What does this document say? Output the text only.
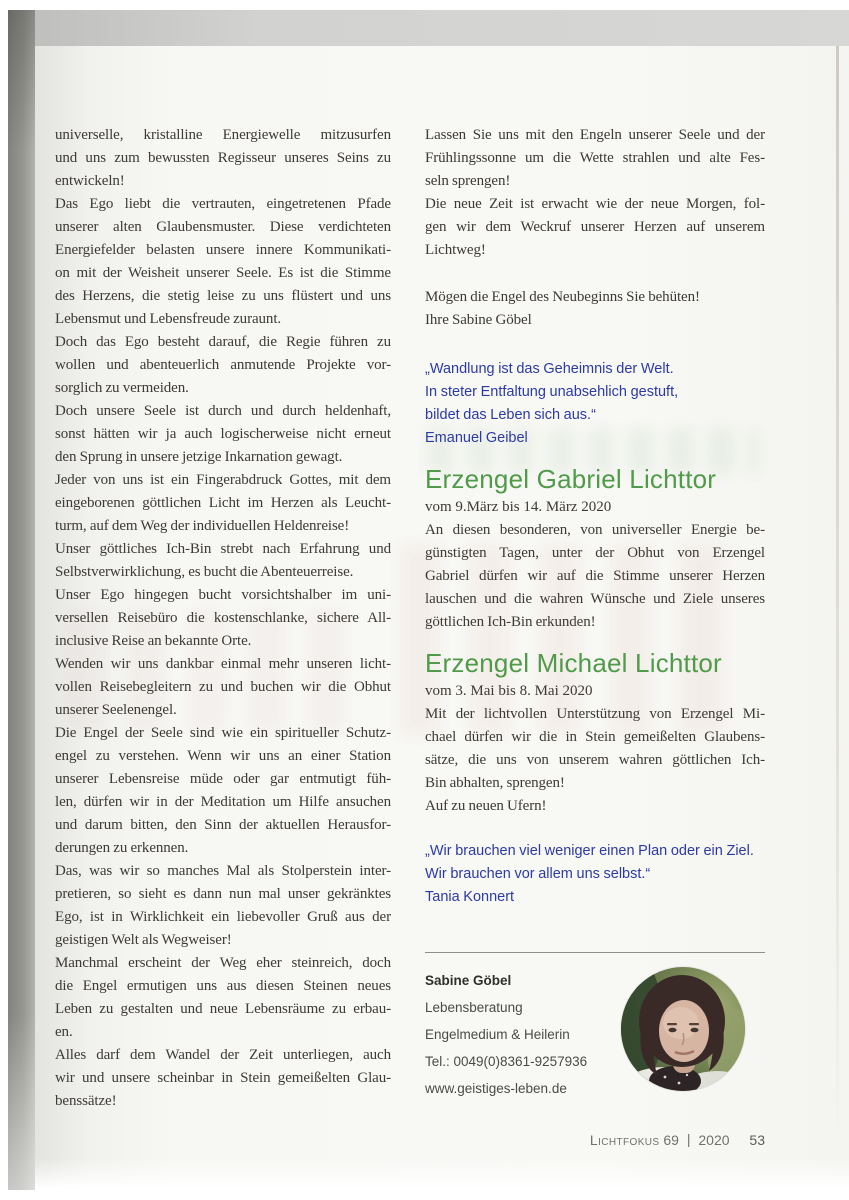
universelle, kristalline Energiewelle mitzusurfen
und uns zum bewussten Regisseur unseres Seins zu
entwickeln!
Das Ego liebt die vertrauten, eingetretenen Pfade
unserer alten Glaubensmuster. Diese verdichteten
Energiefelder belasten unsere innere Kommunikati-
on mit der Weisheit unserer Seele. Es ist die Stimme
des Herzens, die stetig leise zu uns flüstert und uns
Lebensmut und Lebensfreude zuraunt.
Doch das Ego besteht darauf, die Regie führen zu
wollen und abenteuerlich anmutende Projekte vor-
sorglich zu vermeiden.
Doch unsere Seele ist durch und durch heldenhaft,
sonst hätten wir ja auch logischerweise nicht erneut
den Sprung in unsere jetzige Inkarnation gewagt.
Jeder von uns ist ein Fingerabdruck Gottes, mit dem
eingeborenen göttlichen Licht im Herzen als Leucht-
turm, auf dem Weg der individuellen Heldenreise!
Unser göttliches Ich-Bin strebt nach Erfahrung und
Selbstverwirklichung, es bucht die Abenteuerreise.
Unser Ego hingegen bucht vorsichtshalber im uni-
versellen Reisebüro die kostenschlanke, sichere All-
inclusive Reise an bekannte Orte.
Wenden wir uns dankbar einmal mehr unseren licht-
vollen Reisebegleitern zu und buchen wir die Obhut
unserer Seelenengel.
Die Engel der Seele sind wie ein spiritueller Schutz-
engel zu verstehen. Wenn wir uns an einer Station
unserer Lebensreise müde oder gar entmutigt füh-
len, dürfen wir in der Meditation um Hilfe ansuchen
und darum bitten, den Sinn der aktuellen Herausfor-
derungen zu erkennen.
Das, was wir so manches Mal als Stolperstein inter-
pretieren, so sieht es dann nun mal unser gekränktes
Ego, ist in Wirklichkeit ein liebevoller Gruß aus der
geistigen Welt als Wegweiser!
Manchmal erscheint der Weg eher steinreich, doch
die Engel ermutigen uns aus diesen Steinen neues
Leben zu gestalten und neue Lebensräume zu erbau-
en.
Alles darf dem Wandel der Zeit unterliegen, auch
wir und unsere scheinbar in Stein gemeißelten Glau-
benssätze!
Lassen Sie uns mit den Engeln unserer Seele und der
Frühlingssonne um die Wette strahlen und alte Fes-
seln sprengen!
Die neue Zeit ist erwacht wie der neue Morgen, fol-
gen wir dem Weckruf unserer Herzen auf unserem
Lichtweg!
Mögen die Engel des Neubeginns Sie behüten!
Ihre Sabine Göbel
„Wandlung ist das Geheimnis der Welt.
In steter Entfaltung unabsehlich gestuft,
bildet das Leben sich aus.“
Emanuel Geibel
Erzengel Gabriel Lichttor
vom 9.März bis 14. März 2020
An diesen besonderen, von universeller Energie be-
günstigten Tagen, unter der Obhut von Erzengel
Gabriel dürfen wir auf die Stimme unserer Herzen
lauschen und die wahren Wünsche und Ziele unseres
göttlichen Ich-Bin erkunden!
Erzengel Michael Lichttor
vom 3. Mai bis 8. Mai 2020
Mit der lichtvollen Unterstützung von Erzengel Mi-
chael dürfen wir die in Stein gemeißelten Glaubens-
sätze, die uns von unserem wahren göttlichen Ich-
Bin abhalten, sprengen!
Auf zu neuen Ufern!
„Wir brauchen viel weniger einen Plan oder ein Ziel.
Wir brauchen vor allem uns selbst.“
Tania Konnert
Sabine Göbel
Lebensberatung
Engelmedium & Heilerin
Tel.: 0049(0)8361-9257936
www.geistiges-leben.de
Lichtfokus 69 | 2020 53
